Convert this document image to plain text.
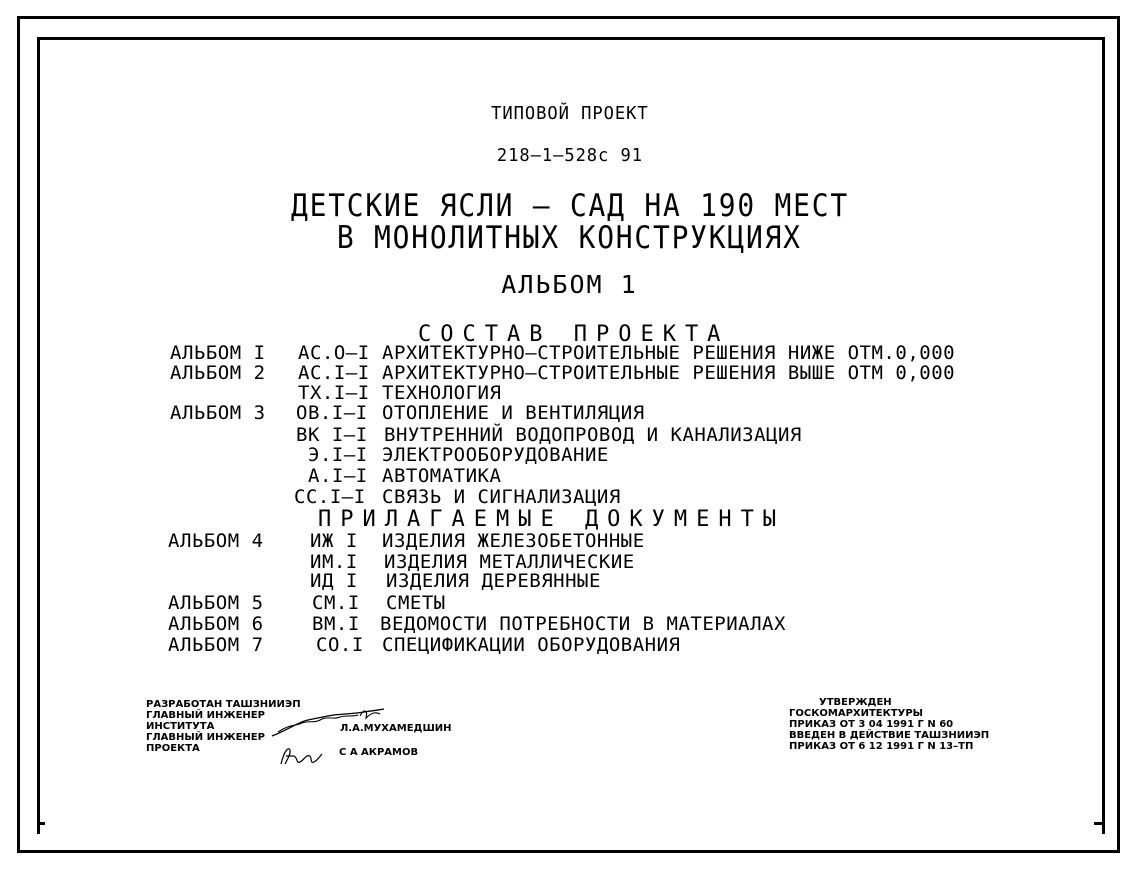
ТИПОВОЙ ПРОЕКТ
218–1–528с 91
ДЕТСКИЕ ЯСЛИ – САД НА 190 МЕСТ
В МОНОЛИТНЫХ КОНСТРУКЦИЯХ
АЛЬБОМ 1
СОСТАВ ПРОЕКТА
АЛЬБОМ I АС.О–I АРХИТЕКТУРНО–СТРОИТЕЛЬНЫЕ РЕШЕНИЯ НИЖЕ ОТМ.0,000
АЛЬБОМ 2 АС.I–I АРХИТЕКТУРНО–СТРОИТЕЛЬНЫЕ РЕШЕНИЯ ВЫШЕ ОТМ 0,000
ТХ.I–I ТЕХНОЛОГИЯ
АЛЬБОМ 3 ОВ.I–I ОТОПЛЕНИЕ И ВЕНТИЛЯЦИЯ
ВК I–I ВНУТРЕННИЙ ВОДОПРОВОД И КАНАЛИЗАЦИЯ
Э.I–I ЭЛЕКТРООБОРУДОВАНИЕ
А.I–I АВТОМАТИКА
СС.I–I СВЯЗЬ И СИГНАЛИЗАЦИЯ
ПРИЛАГАЕМЫЕ ДОКУМЕНТЫ
АЛЬБОМ 4 ИЖ I ИЗДЕЛИЯ ЖЕЛЕЗОБЕТОННЫЕ
ИМ.I ИЗДЕЛИЯ МЕТАЛЛИЧЕСКИЕ
ИД I ИЗДЕЛИЯ ДЕРЕВЯННЫЕ
АЛЬБОМ 5	СМ.I СМЕТЫ
АЛЬБОМ 6	ВМ.I ВЕДОМОСТИ ПОТРЕБНОСТИ В МАТЕРИАЛАХ
АЛЬБОМ 7	СО.I СПЕЦИФИКАЦИИ ОБОРУДОВАНИЯ
РАЗРАБОТАН ТАШЗНИИЭП
ГЛАВНЫЙ ИНЖЕНЕР
ИНСТИТУТА
ГЛАВНЫЙ ИНЖЕНЕР
ПРОЕКТА
Л.А.МУХАМЕДШИН
С А АКРАМОВ
УТВЕРЖДЕН
ГОСКОМАРХИТЕКТУРЫ
ПРИКАЗ ОТ 3 04 1991 Г N 60
ВВЕДЕН В ДЕЙСТВИЕ ТАШЗНИИЭП
ПРИКАЗ ОТ 6 12 1991 Г N 13–ТП
